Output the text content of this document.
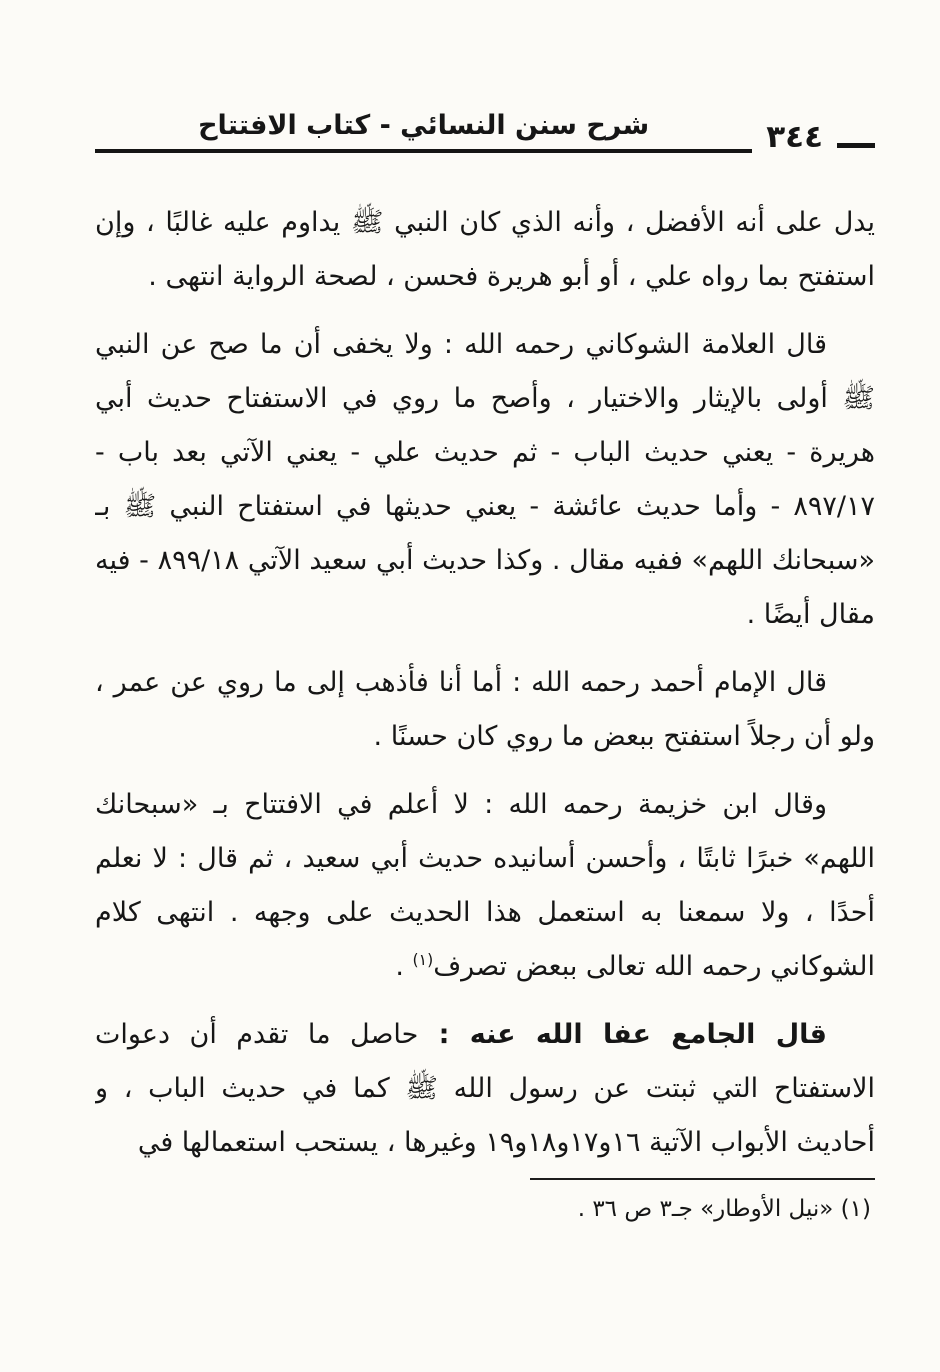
٣٤٤
شرح سنن النسائي - كتاب الافتتاح

يدل على أنه الأفضل ، وأنه الذي كان النبي ﷺ يداوم عليه غالبًا ، وإن استفتح بما رواه علي ، أو أبو هريرة فحسن ، لصحة الرواية انتهى .

قال العلامة الشوكاني رحمه الله : ولا يخفى أن ما صح عن النبي ﷺ أولى بالإيثار والاختيار ، وأصح ما روي في الاستفتاح حديث أبي هريرة - يعني حديث الباب - ثم حديث علي - يعني الآتي بعد باب - ٨٩٧/١٧ - وأما حديث عائشة - يعني حديثها في استفتاح النبي ﷺ بـ «سبحانك اللهم» ففيه مقال . وكذا حديث أبي سعيد الآتي ٨٩٩/١٨ - فيه مقال أيضًا .

قال الإمام أحمد رحمه الله : أما أنا فأذهب إلى ما روي عن عمر ، ولو أن رجلاً استفتح ببعض ما روي كان حسنًا .

وقال ابن خزيمة رحمه الله : لا أعلم في الافتتاح بـ «سبحانك اللهم» خبرًا ثابتًا ، وأحسن أسانيده حديث أبي سعيد ، ثم قال : لا نعلم أحدًا ، ولا سمعنا به استعمل هذا الحديث على وجهه . انتهى كلام الشوكاني رحمه الله تعالى ببعض تصرف$^{(١)}$ .

قال الجامع عفا الله عنه : حاصل ما تقدم أن دعوات الاستفتاح التي ثبتت عن رسول الله ﷺ كما في حديث الباب ، و أحاديث الأبواب الآتية ١٦و١٧و١٨و١٩ وغيرها ، يستحب استعمالها في

(١) «نيل الأوطار» جـ٣ ص ٣٦ .
